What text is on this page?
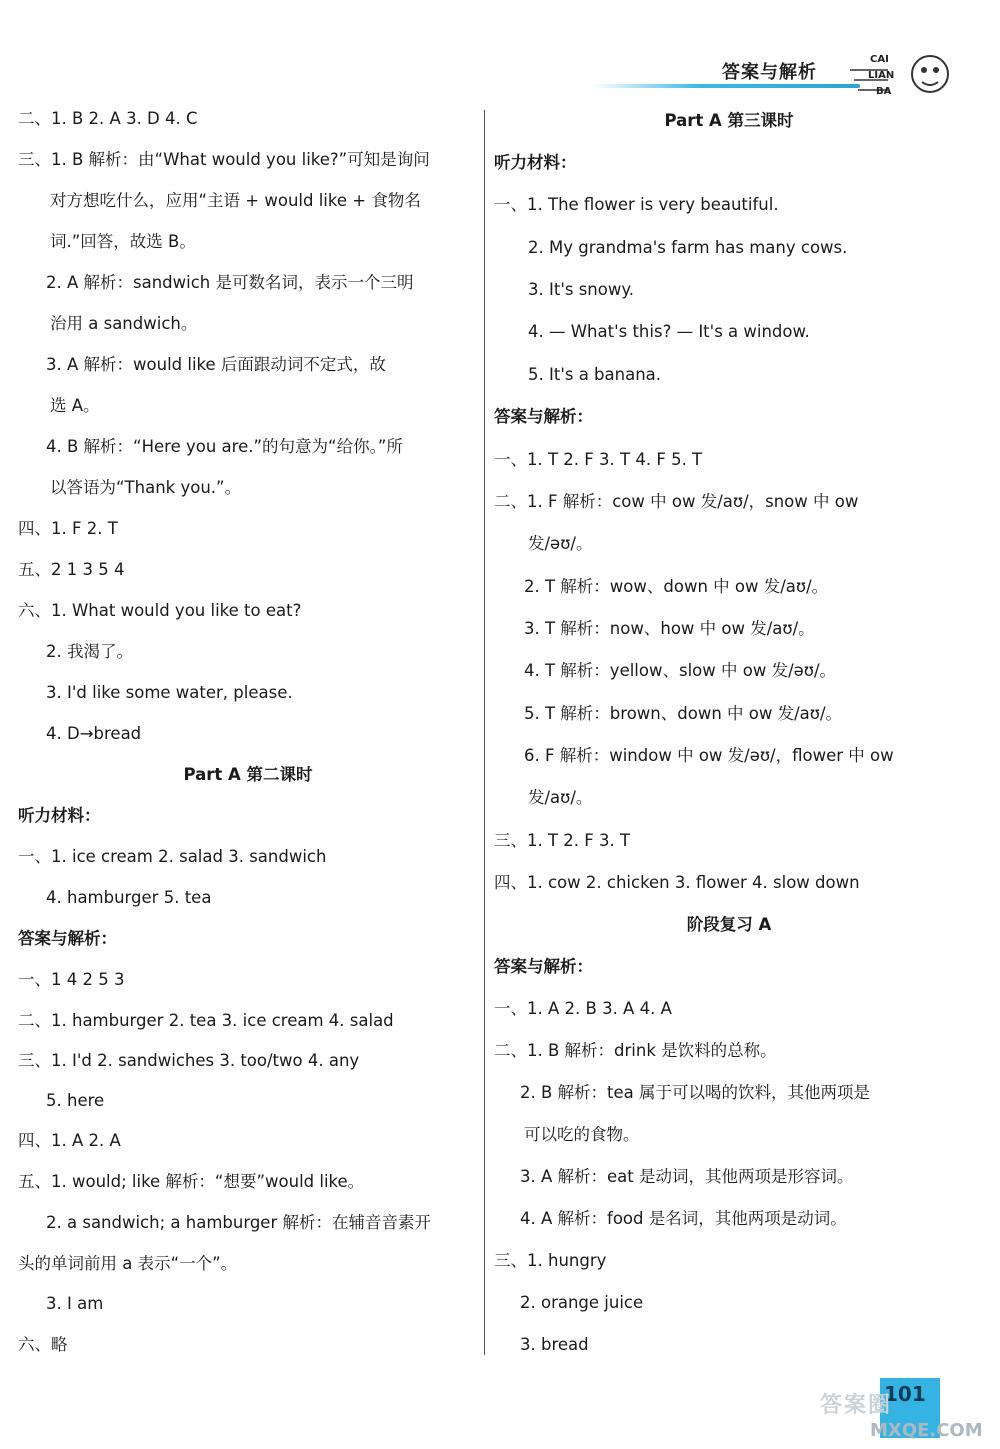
答案与解析
CAI
LIAN
BA
二、1. B 2. A 3. D 4. C
三、1. B 解析：由“What would you like?”可知是询问
对方想吃什么，应用“主语 + would like + 食物名
词.”回答，故选 B。
2. A 解析：sandwich 是可数名词，表示一个三明
治用 a sandwich。
3. A 解析：would like 后面跟动词不定式，故
选 A。
4. B 解析：“Here you are.”的句意为“给你。”所
以答语为“Thank you.”。
四、1. F 2. T
五、2 1 3 5 4
六、1. What would you like to eat?
2. 我渴了。
3. I'd like some water, please.
4. D→bread
Part A 第二课时
听力材料：
一、1. ice cream 2. salad 3. sandwich
4. hamburger 5. tea
答案与解析：
一、1 4 2 5 3
二、1. hamburger 2. tea 3. ice cream 4. salad
三、1. I'd 2. sandwiches 3. too/two 4. any
5. here
四、1. A 2. A
五、1. would; like 解析：“想要”would like。
2. a sandwich; a hamburger 解析：在辅音音素开
头的单词前用 a 表示“一个”。
3. I am
六、略
Part A 第三课时
听力材料：
一、1. The flower is very beautiful.
2. My grandma's farm has many cows.
3. It's snowy.
4. — What's this? — It's a window.
5. It's a banana.
答案与解析：
一、1. T 2. F 3. T 4. F 5. T
二、1. F 解析：cow 中 ow 发/aʊ/，snow 中 ow
发/əʊ/。
2. T 解析：wow、down 中 ow 发/aʊ/。
3. T 解析：now、how 中 ow 发/aʊ/。
4. T 解析：yellow、slow 中 ow 发/əʊ/。
5. T 解析：brown、down 中 ow 发/aʊ/。
6. F 解析：window 中 ow 发/əʊ/，flower 中 ow
发/aʊ/。
三、1. T 2. F 3. T
四、1. cow 2. chicken 3. flower 4. slow down
阶段复习 A
答案与解析：
一、1. A 2. B 3. A 4. A
二、1. B 解析：drink 是饮料的总称。
2. B 解析：tea 属于可以喝的饮料，其他两项是
可以吃的食物。
3. A 解析：eat 是动词，其他两项是形容词。
4. A 解析：food 是名词，其他两项是动词。
三、1. hungry
2. orange juice
3. bread
101
答案圈
MXQE.COM
